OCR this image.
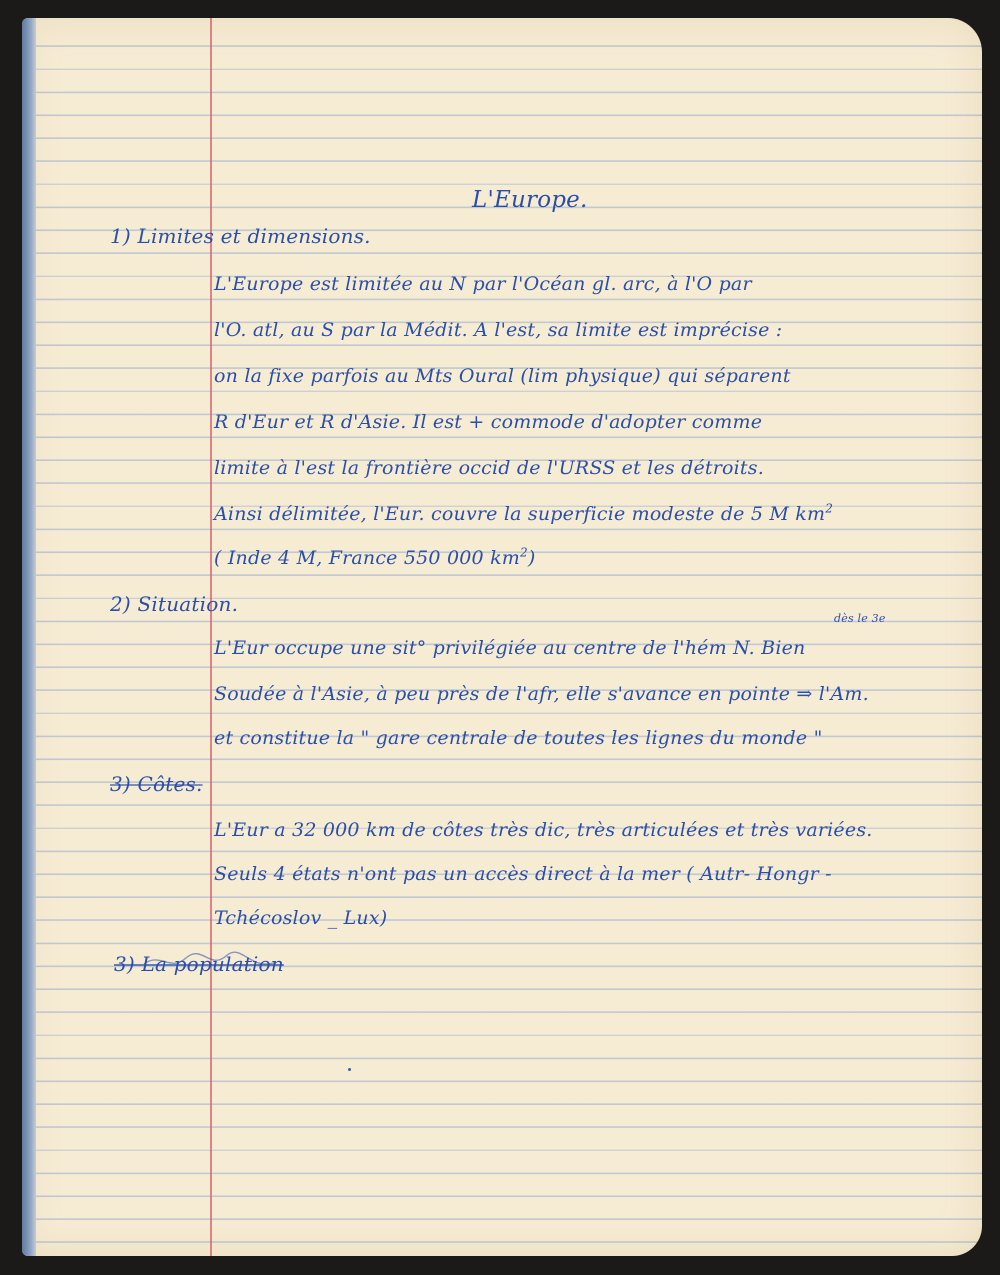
L'Europe.

1) Limites et dimensions.

L'Europe est limitée au N par l'Océan gl. arc, à l'O par

l'O. atl, au S par la Médit. A l'est, sa limite est imprécise :

on la fixe parfois au Mts Oural (lim physique) qui séparent

R d'Eur et R d'Asie. Il est + commode d'adopter comme

limite à l'est la frontière occid de l'URSS et les détroits.

Ainsi délimitée, l'Eur. couvre la superficie modeste de 5 M $km^2$

( Inde 4 M, France 550 000 $km^2$)

2) Situation.

dès le 3e

L'Eur occupe une sit° privilégiée au centre de l'hém N. Bien

Soudée à l'Asie, à peu près de l'afr, elle s'avance en pointe ⇒ l'Am.

et constitue la " gare centrale de toutes les lignes du monde "

3) Côtes.

L'Eur a 32 000 km de côtes très dic, très articulées et très variées.

Seuls 4 états n'ont pas un accès direct à la mer ( Autr- Hongr -

Tchécoslov _ Lux)

3) La population
